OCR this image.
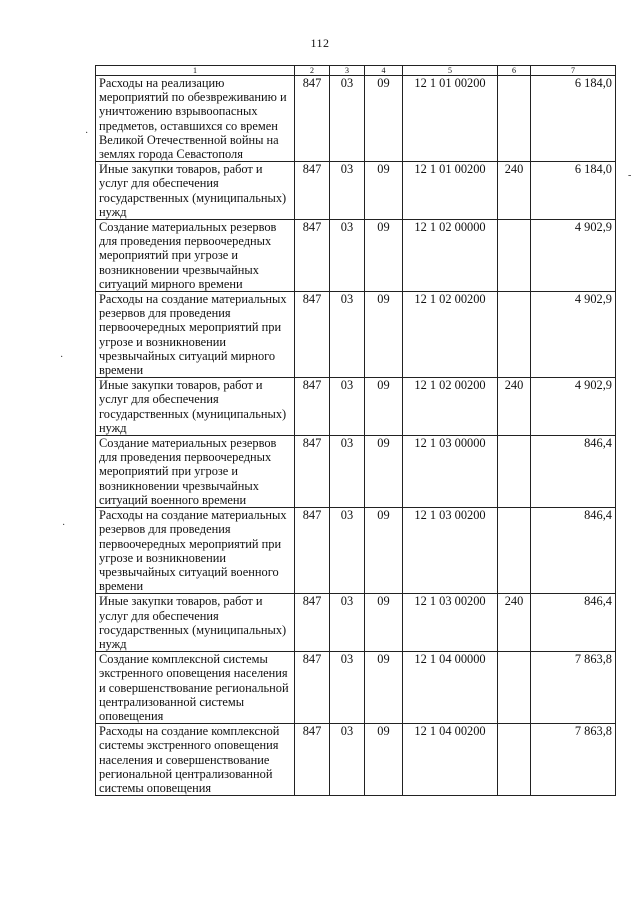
112
1	2	3	4	5	6	7
Расходы на реализацию мероприятий по обезвреживанию и уничтожению взрывоопасных предметов, оставшихся со времен Великой Отечественной войны на землях города Севастополя	847	03	09	12 1 01 00200		6 184,0
Иные закупки товаров, работ и услуг для обеспечения государственных (муниципальных) нужд	847	03	09	12 1 01 00200	240	6 184,0
Создание материальных резервов для проведения первоочередных мероприятий при угрозе и возникновении чрезвычайных ситуаций мирного времени	847	03	09	12 1 02 00000		4 902,9
Расходы на создание материальных резервов для проведения первоочередных мероприятий при угрозе и возникновении чрезвычайных ситуаций мирного времени	847	03	09	12 1 02 00200		4 902,9
Иные закупки товаров, работ и услуг для обеспечения государственных (муниципальных) нужд	847	03	09	12 1 02 00200	240	4 902,9
Создание материальных резервов для проведения первоочередных мероприятий при угрозе и возникновении чрезвычайных ситуаций военного времени	847	03	09	12 1 03 00000		846,4
Расходы на создание материальных резервов для проведения первоочередных мероприятий при угрозе и возникновении чрезвычайных ситуаций военного времени	847	03	09	12 1 03 00200		846,4
Иные закупки товаров, работ и услуг для обеспечения государственных (муниципальных) нужд	847	03	09	12 1 03 00200	240	846,4
Создание комплексной системы экстренного оповещения населения и совершенствование региональной централизованной системы оповещения	847	03	09	12 1 04 00000		7 863,8
Расходы на создание комплексной системы экстренного оповещения населения и совершенствование региональной централизованной системы оповещения	847	03	09	12 1 04 00200		7 863,8
-
·
·
·
